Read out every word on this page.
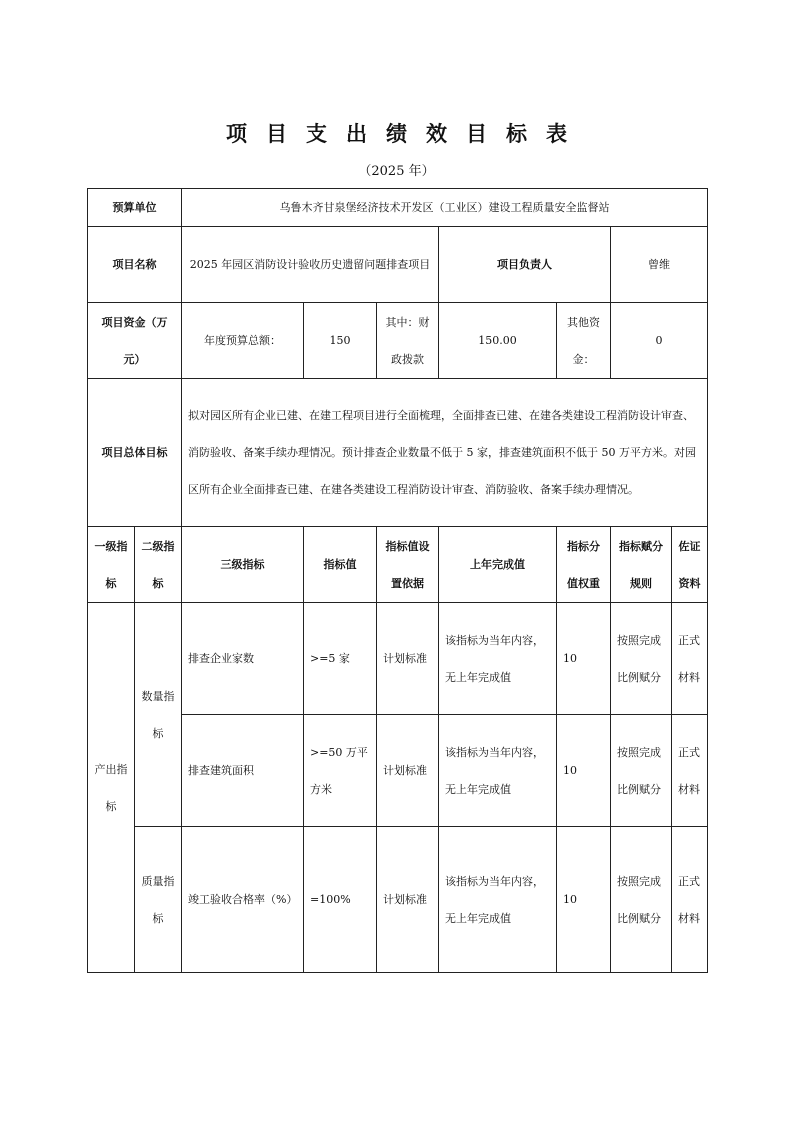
项目支出绩效目标表
（2025 年）
预算单位		乌鲁木齐甘泉堡经济技术开发区（工业区）建设工程质量安全监督站						
项目名称		2025 年园区消防设计验收历史遗留问题排查项目			项目负责人		曾维	
项目资金（万元）		年度预算总额：	150	其中：财政拨款	150.00	其他资金：	0	
项目总体目标		拟对园区所有企业已建、在建工程项目进行全面梳理，全面排查已建、在建各类建设工程消防设计审查、消防验收、备案手续办理情况。预计排查企业数量不低于 5 家，排查建筑面积不低于 50 万平方米。对园区所有企业全面排查已建、在建各类建设工程消防设计审查、消防验收、备案手续办理情况。						
一级指标	二级指标	三级指标	指标值	指标值设置依据	上年完成值	指标分值权重	指标赋分规则	佐证资料
产出指标	数量指标	排查企业家数	>=5 家	计划标准	该指标为当年内容，无上年完成值	10	按照完成比例赋分	正式材料
		排查建筑面积	>=50 万平方米	计划标准	该指标为当年内容，无上年完成值	10	按照完成比例赋分	正式材料
	质量指标	竣工验收合格率（%）	=100%	计划标准	该指标为当年内容，无上年完成值	10	按照完成比例赋分	正式材料
